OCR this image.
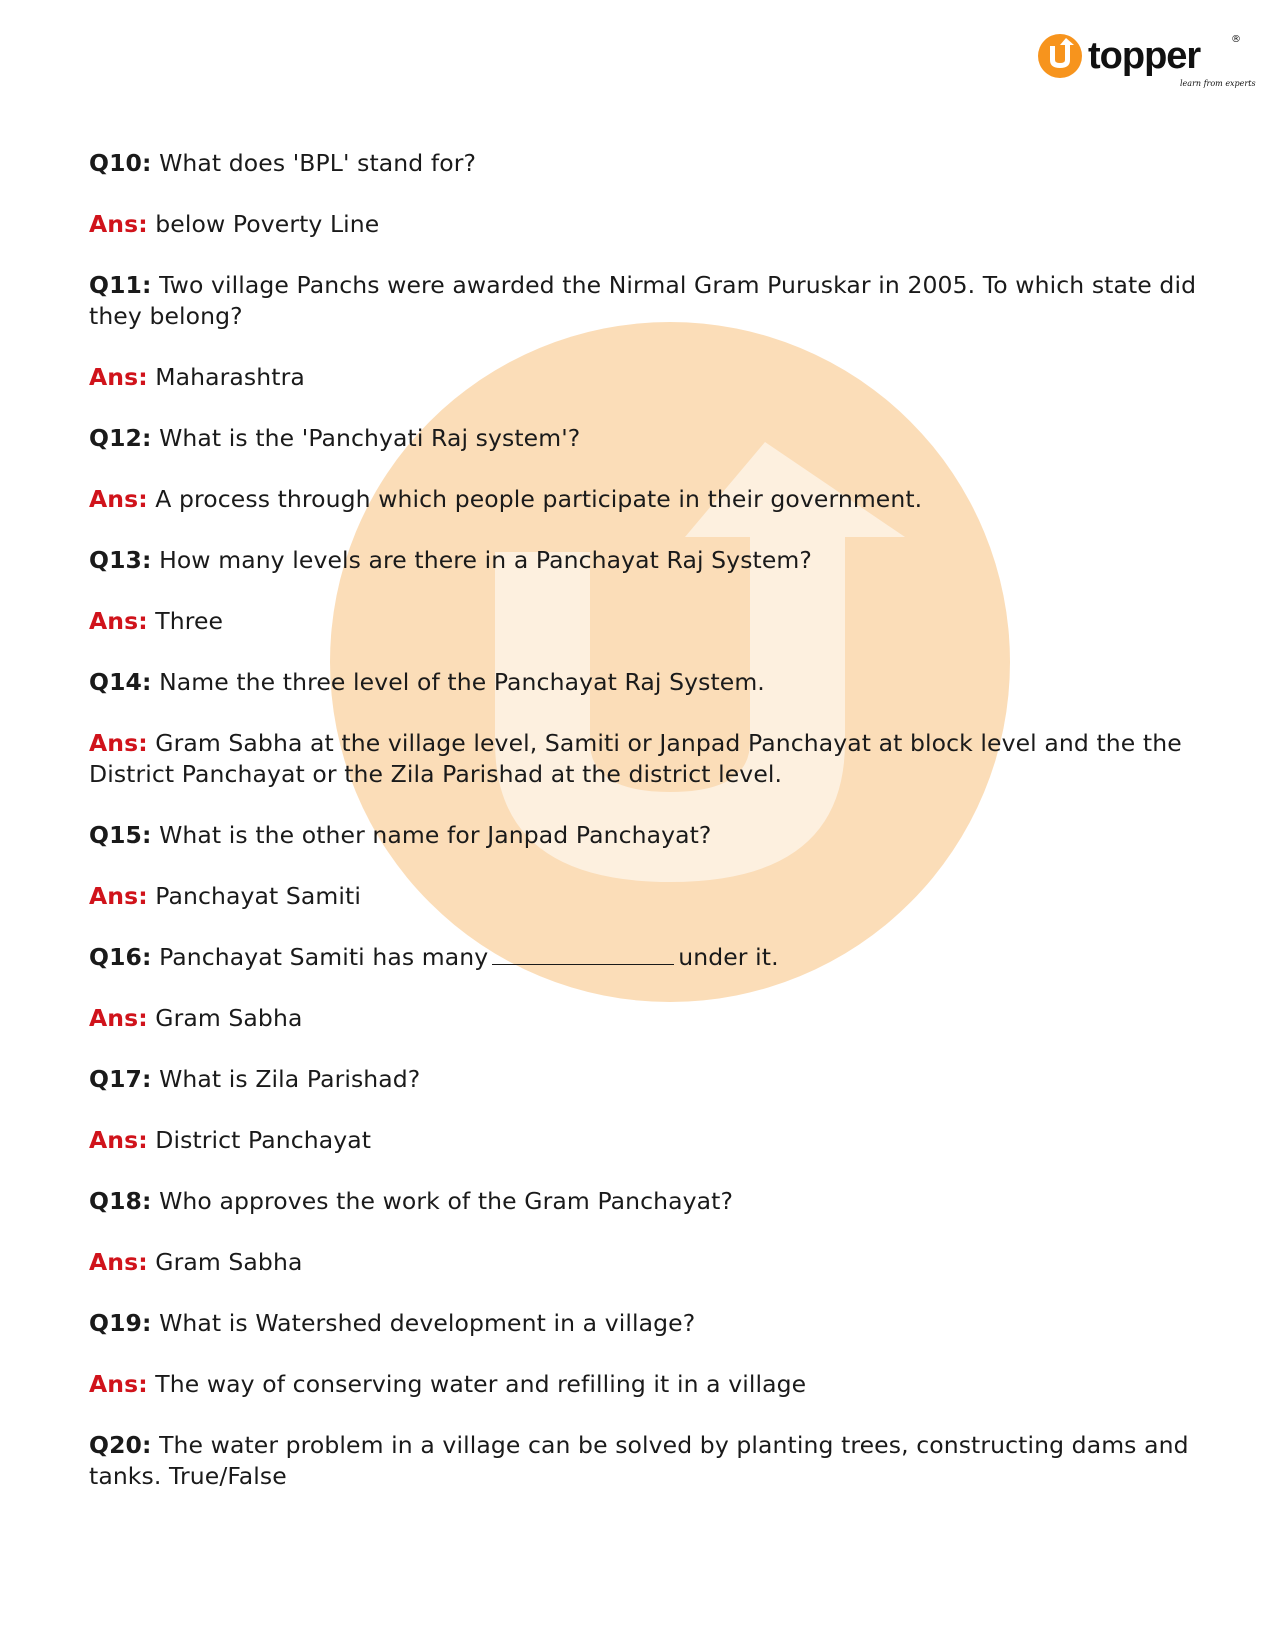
topper	®
learn from experts

Q10: What does 'BPL' stand for?

Ans: below Poverty Line

Q11: Two village Panchs were awarded the Nirmal Gram Puruskar in 2005. To which state did they belong?

Ans: Maharashtra

Q12: What is the 'Panchyati Raj system'?

Ans: A process through which people participate in their government.

Q13: How many levels are there in a Panchayat Raj System?

Ans: Three

Q14: Name the three level of the Panchayat Raj System.

Ans: Gram Sabha at the village level, Samiti or Janpad Panchayat at block level and the the District Panchayat or the Zila Parishad at the district level.

Q15: What is the other name for Janpad Panchayat?

Ans: Panchayat Samiti

Q16: Panchayat Samiti has many	under it.

Ans: Gram Sabha

Q17: What is Zila Parishad?

Ans: District Panchayat

Q18: Who approves the work of the Gram Panchayat?

Ans: Gram Sabha

Q19: What is Watershed development in a village?

Ans: The way of conserving water and refilling it in a village

Q20: The water problem in a village can be solved by planting trees, constructing dams and tanks. True/False
